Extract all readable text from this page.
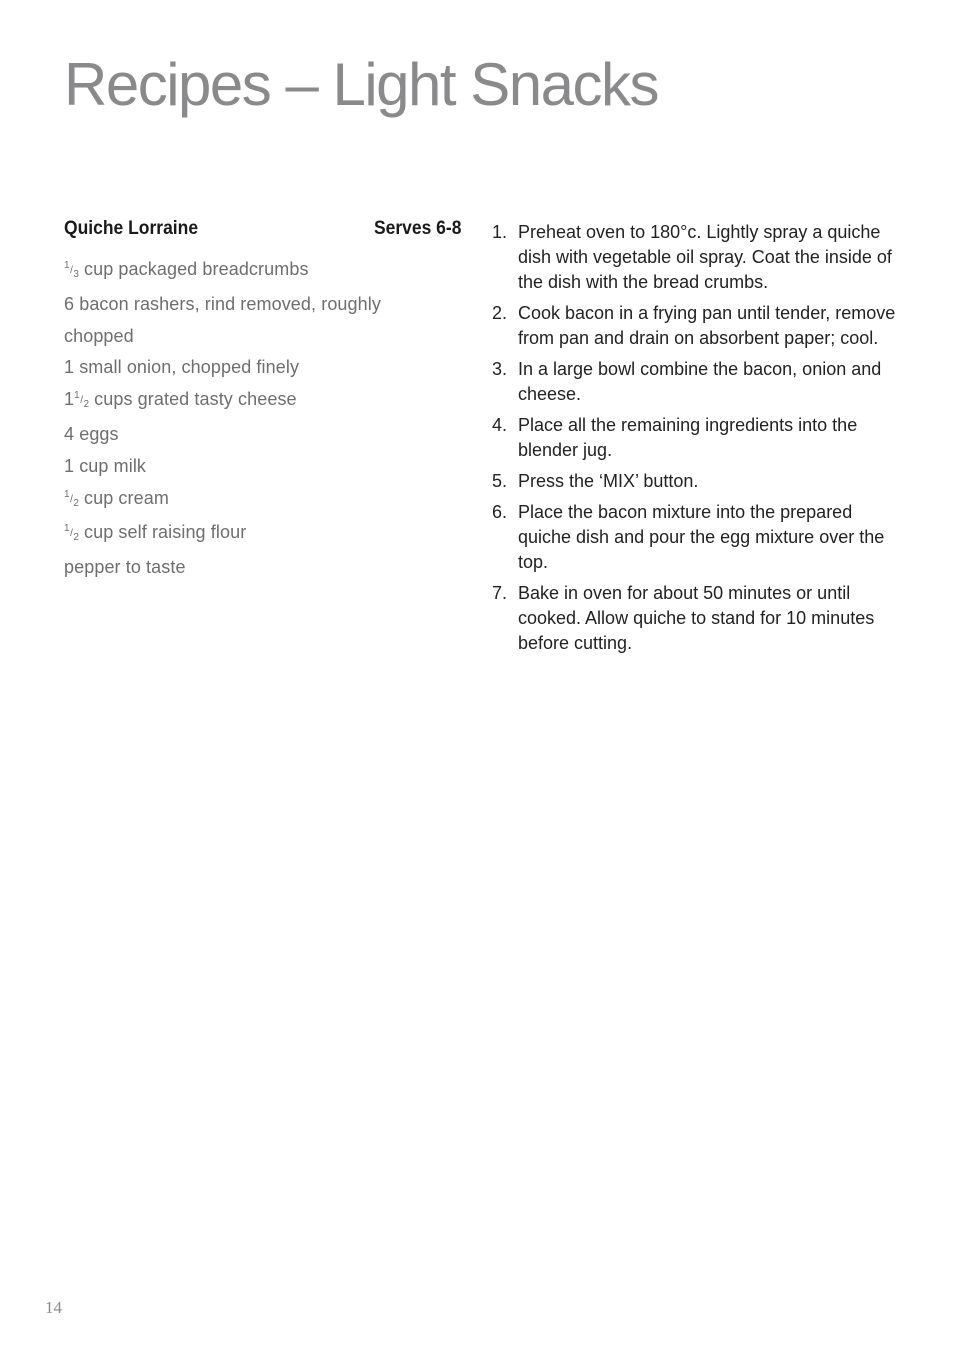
Recipes – Light Snacks
Quiche Lorraine	Serves 6-8
1/3 cup packaged breadcrumbs
6 bacon rashers, rind removed, roughly
chopped
1 small onion, chopped finely
11/2 cups grated tasty cheese
4 eggs
1 cup milk
1/2 cup cream
1/2 cup self raising flour
pepper to taste
1. Preheat oven to 180°c. Lightly spray a quiche dish with vegetable oil spray. Coat the inside of the dish with the bread crumbs.
2. Cook bacon in a frying pan until tender, remove from pan and drain on absorbent paper; cool.
3. In a large bowl combine the bacon, onion and cheese.
4. Place all the remaining ingredients into the blender jug.
5. Press the ‘MIX’ button.
6. Place the bacon mixture into the prepared quiche dish and pour the egg mixture over the top.
7. Bake in oven for about 50 minutes or until cooked. Allow quiche to stand for 10 minutes before cutting.
14
